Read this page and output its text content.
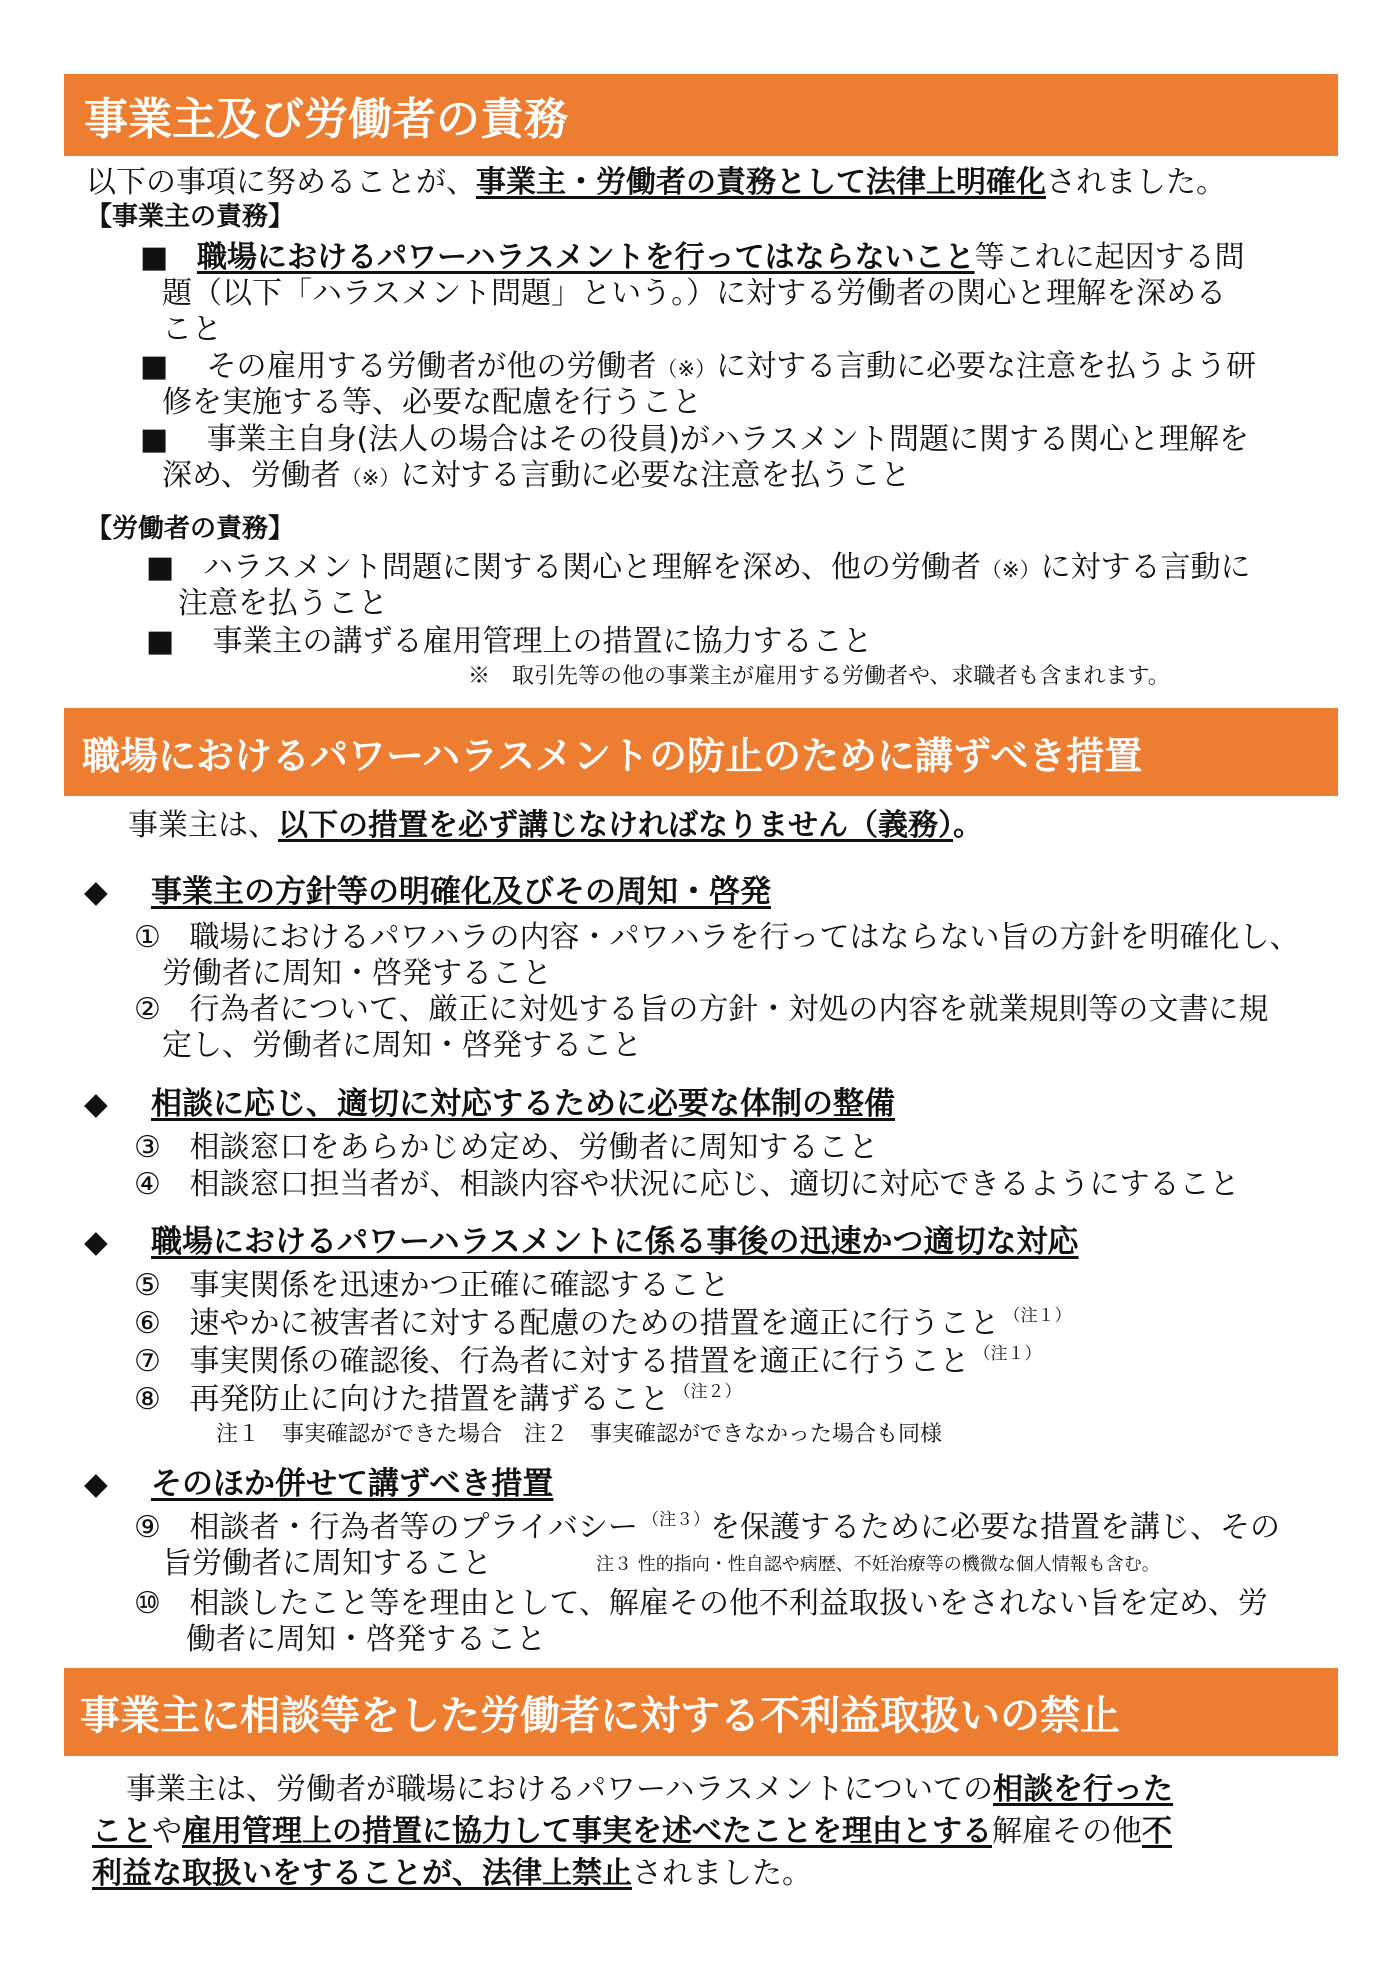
事業主及び労働者の責務
以下の事項に努めることが、事業主・労働者の責務として法律上明確化されました。
【事業主の責務】
■ 職場におけるパワーハラスメントを行ってはならないこと等これに起因する問
題（以下「ハラスメント問題」という。）に対する労働者の関心と理解を深める
こと
■ その雇用する労働者が他の労働者（※）に対する言動に必要な注意を払うよう研
修を実施する等、必要な配慮を行うこと
■ 事業主自身(法人の場合はその役員)がハラスメント問題に関する関心と理解を
深め、労働者（※）に対する言動に必要な注意を払うこと
【労働者の責務】
■ ハラスメント問題に関する関心と理解を深め、他の労働者（※）に対する言動に
注意を払うこと
■ 事業主の講ずる雇用管理上の措置に協力すること
※　取引先等の他の事業主が雇用する労働者や、求職者も含まれます。
職場におけるパワーハラスメントの防止のために講ずべき措置
事業主は、以下の措置を必ず講じなければなりません（義務）。
◆ 事業主の方針等の明確化及びその周知・啓発
① 職場におけるパワハラの内容・パワハラを行ってはならない旨の方針を明確化し、
労働者に周知・啓発すること
② 行為者について、厳正に対処する旨の方針・対処の内容を就業規則等の文書に規
定し、労働者に周知・啓発すること
◆ 相談に応じ、適切に対応するために必要な体制の整備
③ 相談窓口をあらかじめ定め、労働者に周知すること
④ 相談窓口担当者が、相談内容や状況に応じ、適切に対応できるようにすること
◆ 職場におけるパワーハラスメントに係る事後の迅速かつ適切な対応
⑤ 事実関係を迅速かつ正確に確認すること
⑥ 速やかに被害者に対する配慮のための措置を適正に行うこと $^{(注1)}$
⑦ 事実関係の確認後、行為者に対する措置を適正に行うこと $^{(注1)}$
⑧ 再発防止に向けた措置を講ずること $^{(注2)}$
注１　事実確認ができた場合　注２　事実確認ができなかった場合も同様
◆ そのほか併せて講ずべき措置
⑨ 相談者・行為者等のプライバシー $^{(注3)}$を保護するために必要な措置を講じ、その
旨労働者に周知すること	注３ 性的指向・性自認や病歴、不妊治療等の機微な個人情報も含む。
⑩ 相談したこと等を理由として、解雇その他不利益取扱いをされない旨を定め、労
働者に周知・啓発すること
事業主に相談等をした労働者に対する不利益取扱いの禁止
事業主は、労働者が職場におけるパワーハラスメントについての相談を行った
ことや雇用管理上の措置に協力して事実を述べたことを理由とする解雇その他不
利益な取扱いをすることが、法律上禁止されました。
